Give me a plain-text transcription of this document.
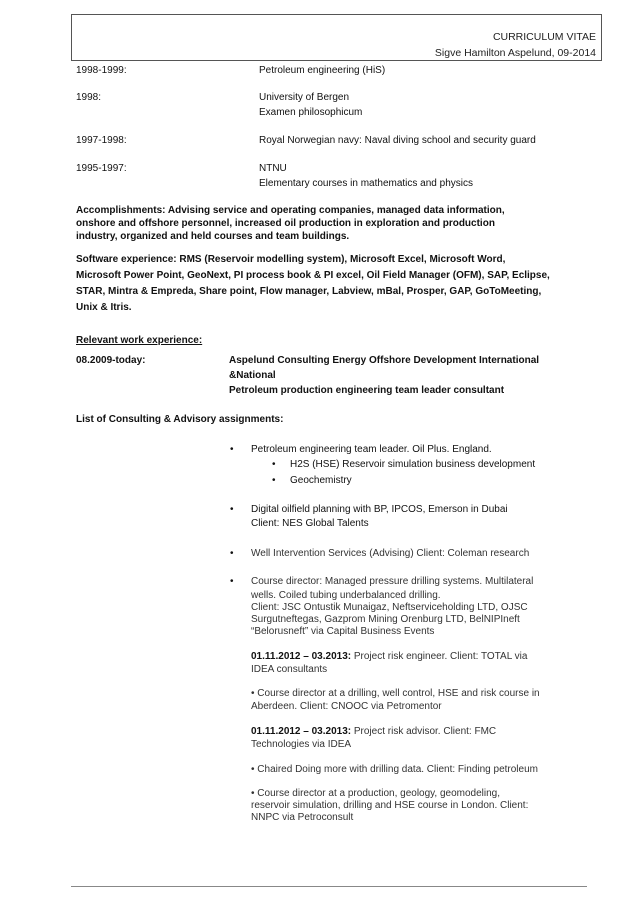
CURRICULUM VITAE
Sigve Hamilton Aspelund, 09-2014
1998-1999:	Petroleum engineering (HiS)
1998:	University of Bergen
Examen philosophicum
1997-1998:	Royal Norwegian navy: Naval diving school and security guard
1995-1997:	NTNU
Elementary courses in mathematics and physics
Accomplishments: Advising service and operating companies, managed data information,
onshore and offshore personnel, increased oil production in exploration and production
industry, organized and held courses and team buildings.
Software experience: RMS (Reservoir modelling system), Microsoft Excel, Microsoft Word,
Microsoft Power Point, GeoNext, PI process book & PI excel, Oil Field Manager (OFM), SAP, Eclipse,
STAR, Mintra & Empreda, Share point, Flow manager, Labview, mBal, Prosper, GAP, GoToMeeting,
Unix & Itris.
Relevant work experience:
08.2009-today:	Aspelund Consulting Energy Offshore Development International
&National
Petroleum production engineering team leader consultant
List of Consulting & Advisory assignments:
• Petroleum engineering team leader. Oil Plus. England.
• H2S (HSE) Reservoir simulation business development
• Geochemistry
• Digital oilfield planning with BP, IPCOS, Emerson in Dubai
Client: NES Global Talents
• Well Intervention Services (Advising) Client: Coleman research
• Course director: Managed pressure drilling systems. Multilateral
wells. Coiled tubing underbalanced drilling.
Client: JSC Ontustik Munaigaz, Neftserviceholding LTD, OJSC
Surgutneftegas, Gazprom Mining Orenburg LTD, BelNIPIneft
“Belorusneft” via Capital Business Events
01.11.2012 – 03.2013: Project risk engineer. Client: TOTAL via
IDEA consultants
• Course director at a drilling, well control, HSE and risk course in
Aberdeen. Client: CNOOC via Petromentor
01.11.2012 – 03.2013: Project risk advisor. Client: FMC
Technologies via IDEA
• Chaired Doing more with drilling data. Client: Finding petroleum
• Course director at a production, geology, geomodeling,
reservoir simulation, drilling and HSE course in London. Client:
NNPC via Petroconsult
